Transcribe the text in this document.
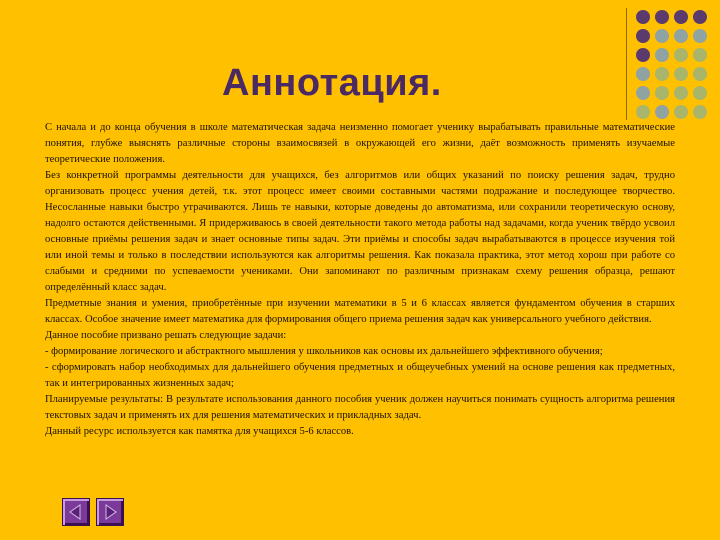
Аннотация.

С начала и до конца обучения в школе математическая задача неизменно помогает ученику вырабатывать правильные математические понятия, глубже выяснять различные стороны взаимосвязей в окружающей его жизни, даёт возможность применять изучаемые теоретические положения.

Без конкретной программы деятельности для учащихся, без алгоритмов или общих указаний по поиску решения задач, трудно организовать процесс учения детей, т.к. этот процесс имеет своими составными частями подражание и последующее творчество. Несосланные навыки быстро утрачиваются. Лишь те навыки, которые доведены до автоматизма, или сохранили теоретическую основу, надолго остаются действенными. Я придерживаюсь в своей деятельности такого метода работы над задачами, когда ученик твёрдо усвоил основные приёмы решения задач и знает основные типы задач. Эти приёмы и способы задач вырабатываются в процессе изучения той или иной темы и только в последствии используются как алгоритмы решения. Как показала практика, этот метод хорош при работе со слабыми и средними по успеваемости учениками. Они запоминают по различным признакам схему решения образца, решают определённый класс задач.

Предметные знания и умения, приобретённые при изучении математики в 5 и 6 классах является фундаментом обучения в старших классах. Особое значение имеет математика для формирования общего приема решения задач как универсального учебного действия.

Данное пособие призвано решать следующие задачи:

- формирование логического и абстрактного мышления у школьников как основы их дальнейшего эффективного обучения;

- сформировать набор необходимых для дальнейшего обучения предметных и общеучебных умений на основе решения как предметных, так и интегрированных жизненных задач;

Планируемые результаты: В результате использования данного пособия ученик должен научиться понимать сущность алгоритма решения текстовых задач и применять их для решения математических и прикладных задач.

Данный ресурс используется как памятка для учащихся 5-6 классов.
